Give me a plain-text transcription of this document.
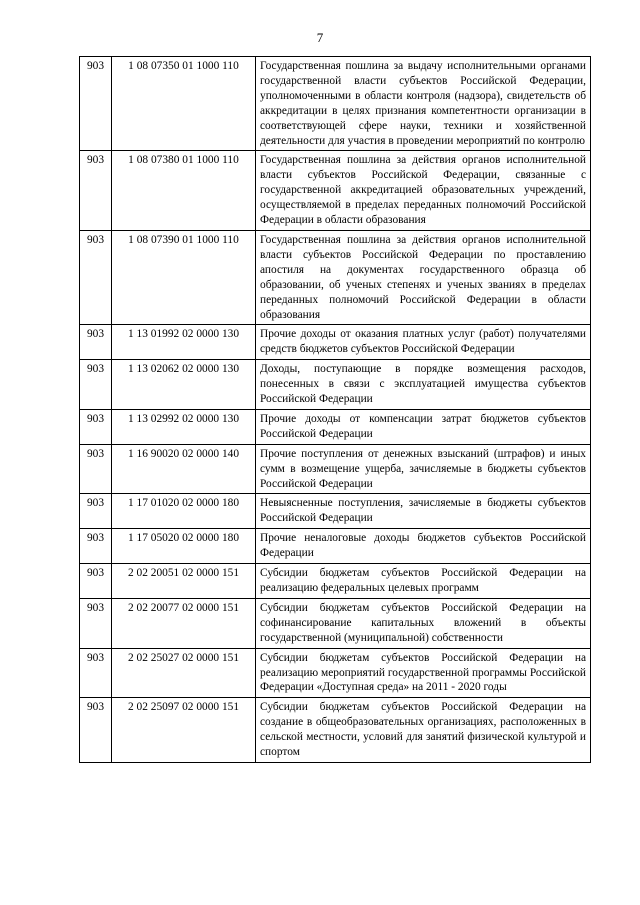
7
903	1 08 07350 01 1000 110	Государственная пошлина за выдачу исполнительными органами государственной власти субъектов Российской Федерации, уполномоченными в области контроля (надзора), свидетельств об аккредитации в целях признания компетентности организации в соответствующей сфере науки, техники и хозяйственной деятельности для участия в проведении мероприятий по контролю
903	1 08 07380 01 1000 110	Государственная пошлина за действия органов исполнительной власти субъектов Российской Федерации, связанные с государственной аккредитацией образовательных учреждений, осуществляемой в пределах переданных полномочий Российской Федерации в области образования
903	1 08 07390 01 1000 110	Государственная пошлина за действия органов исполнительной власти субъектов Российской Федерации по проставлению апостиля на документах государственного образца об образовании, об ученых степенях и ученых званиях в пределах переданных полномочий Российской Федерации в области образования
903	1 13 01992 02 0000 130	Прочие доходы от оказания платных услуг (работ) получателями средств бюджетов субъектов Российской Федерации
903	1 13 02062 02 0000 130	Доходы, поступающие в порядке возмещения расходов, понесенных в связи с эксплуатацией имущества субъектов Российской Федерации
903	1 13 02992 02 0000 130	Прочие доходы от компенсации затрат бюджетов субъектов Российской Федерации
903	1 16 90020 02 0000 140	Прочие поступления от денежных взысканий (штрафов) и иных сумм в возмещение ущерба, зачисляемые в бюджеты субъектов Российской Федерации
903	1 17 01020 02 0000 180	Невыясненные поступления, зачисляемые в бюджеты субъектов Российской Федерации
903	1 17 05020 02 0000 180	Прочие неналоговые доходы бюджетов субъектов Российской Федерации
903	2 02 20051 02 0000 151	Субсидии бюджетам субъектов Российской Федерации на реализацию федеральных целевых программ
903	2 02 20077 02 0000 151	Субсидии бюджетам субъектов Российской Федерации на софинансирование капитальных вложений в объекты государственной (муниципальной) собственности
903	2 02 25027 02 0000 151	Субсидии бюджетам субъектов Российской Федерации на реализацию мероприятий государственной программы Российской Федерации «Доступная среда» на 2011 - 2020 годы
903	2 02 25097 02 0000 151	Субсидии бюджетам субъектов Российской Федерации на создание в общеобразовательных организациях, расположенных в сельской местности, условий для занятий физической культурой и спортом
